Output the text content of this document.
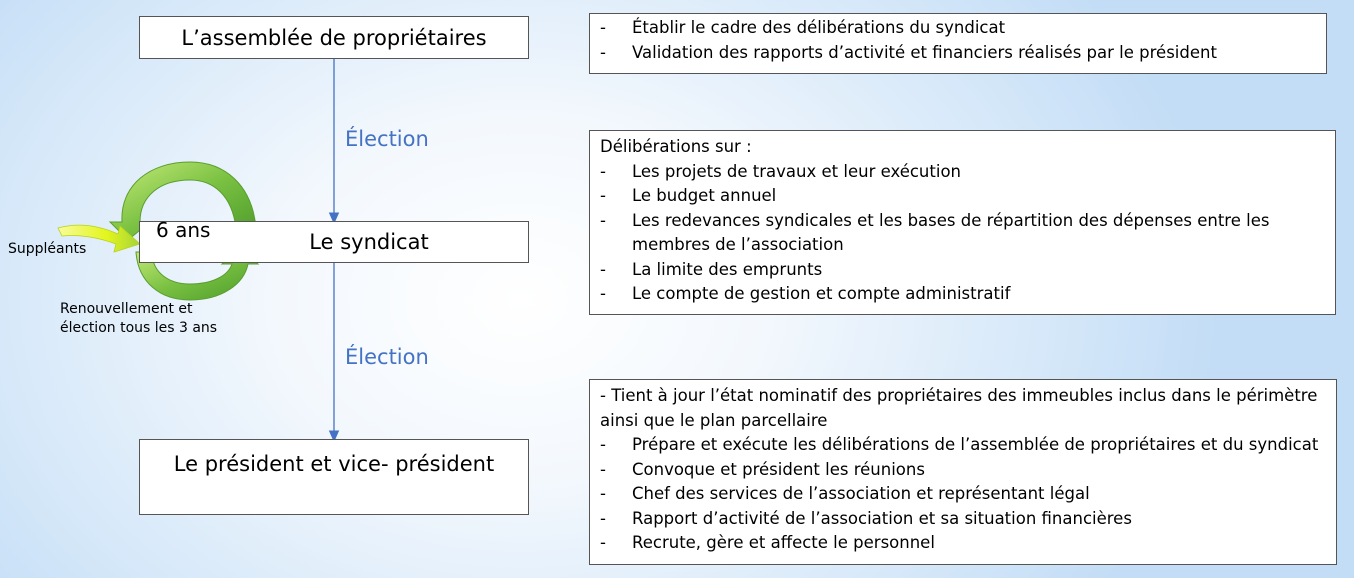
L’assemblée de propriétaires
Le syndicat
Le président et vice- président
Élection
Élection
6 ans
Suppléants
Renouvellement et élection tous les 3 ans
- Établir le cadre des délibérations du syndicat
- Validation des rapports d’activité et financiers réalisés par le président

Délibérations sur :

- Les projets de travaux et leur exécution
- Le budget annuel
- Les redevances syndicales et les bases de répartition des dépenses entre les membres de l’association
- La limite des emprunts
- Le compte de gestion et compte administratif

- Tient à jour l’état nominatif des propriétaires des immeubles inclus dans le périmètre ainsi que le plan parcellaire

- Prépare et exécute les délibérations de l’assemblée de propriétaires et du syndicat
- Convoque et président les réunions
- Chef des services de l’association et représentant légal
- Rapport d’activité de l’association et sa situation financières
- Recrute, gère et affecte le personnel
